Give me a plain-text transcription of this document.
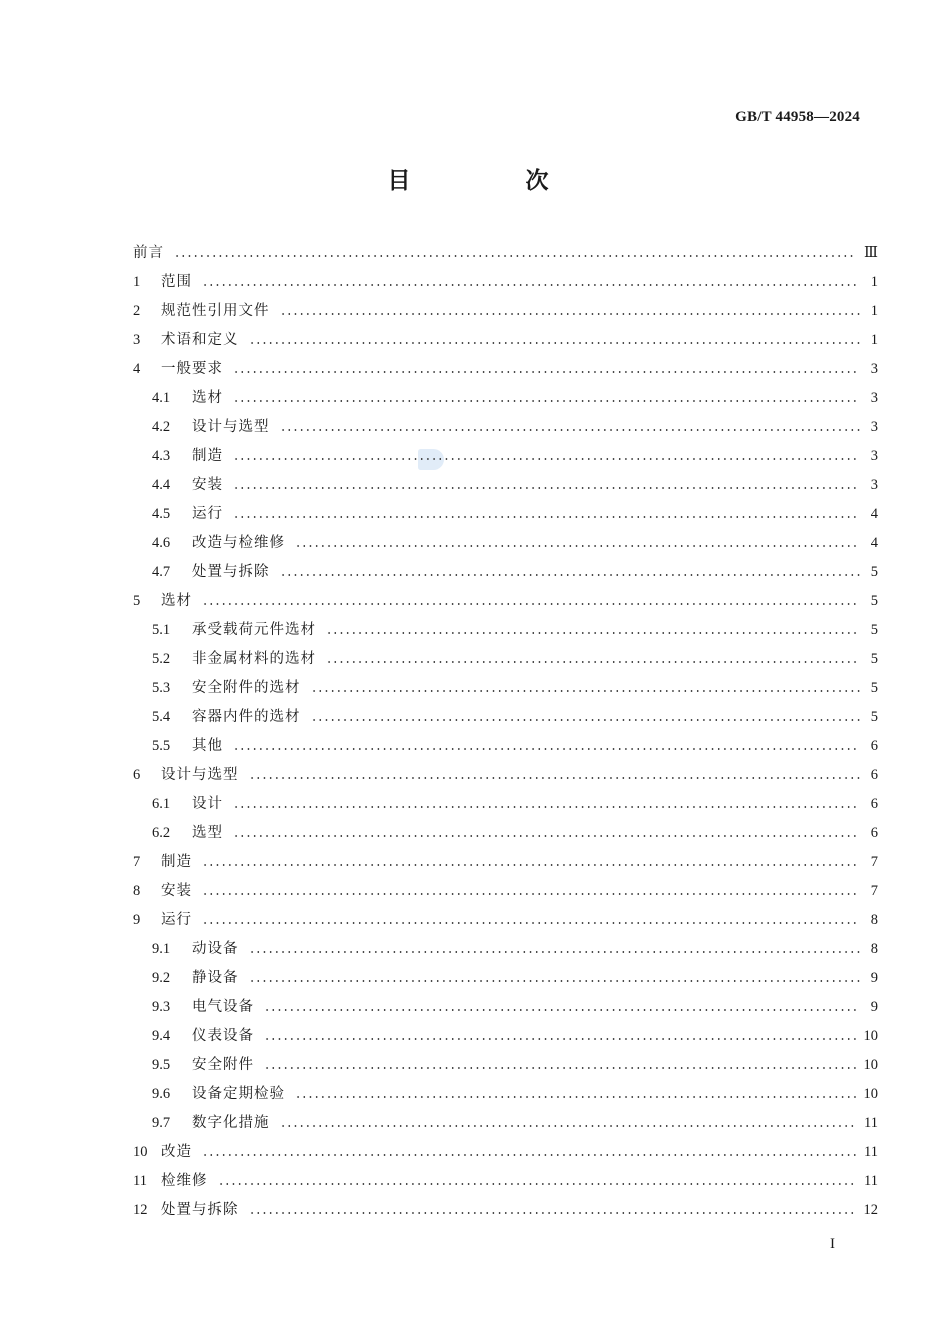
GB/T 44958—2024
目　次
前言	Ⅲ
1	范围	1
2	规范性引用文件	1
3	术语和定义	1
4	一般要求	3
4.1	选材	3
4.2	设计与选型	3
4.3	制造	3
4.4	安装	3
4.5	运行	4
4.6	改造与检维修	4
4.7	处置与拆除	5
5	选材	5
5.1	承受载荷元件选材	5
5.2	非金属材料的选材	5
5.3	安全附件的选材	5
5.4	容器内件的选材	5
5.5	其他	6
6	设计与选型	6
6.1	设计	6
6.2	选型	6
7	制造	7
8	安装	7
9	运行	8
9.1	动设备	8
9.2	静设备	9
9.3	电气设备	9
9.4	仪表设备	10
9.5	安全附件	10
9.6	设备定期检验	10
9.7	数字化措施	11
10 改造	11
11 检维修	11
12 处置与拆除	12
I
